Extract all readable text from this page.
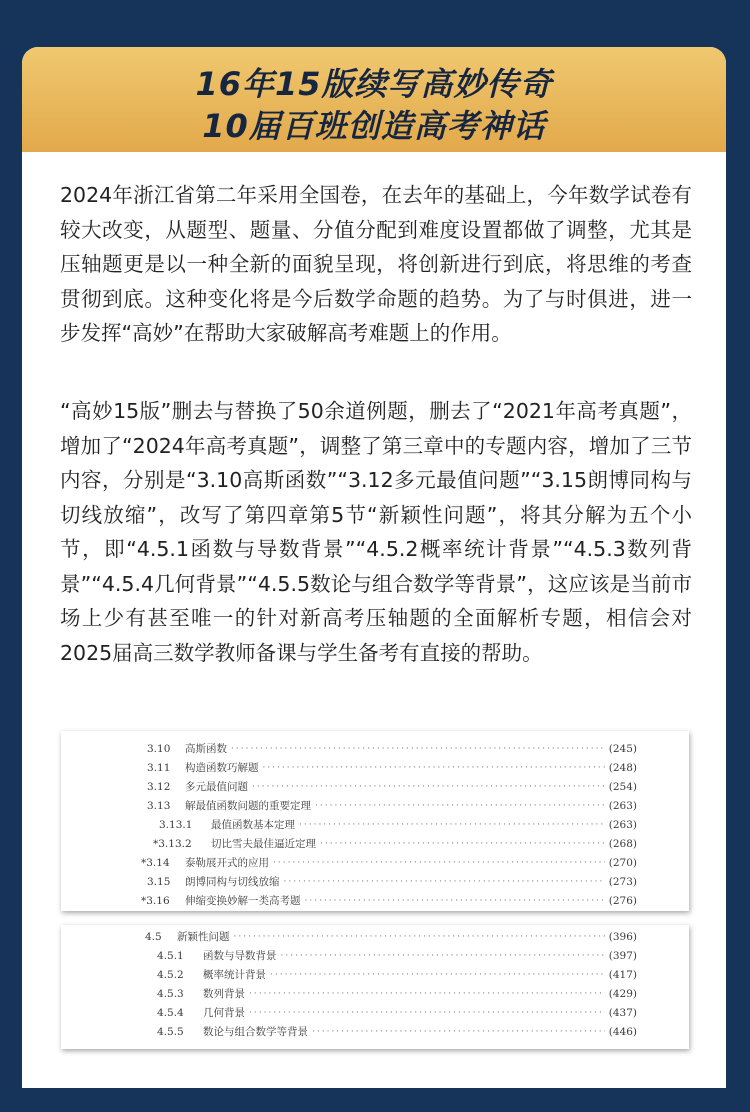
16年15版续写高妙传奇
10届百班创造高考神话

2024年浙江省第二年采用全国卷，在去年的基础上，今年数学试卷有较大改变，从题型、题量、分值分配到难度设置都做了调整，尤其是压轴题更是以一种全新的面貌呈现，将创新进行到底，将思维的考查贯彻到底。这种变化将是今后数学命题的趋势。为了与时俱进，进一步发挥“高妙”在帮助大家破解高考难题上的作用。

“高妙15版”删去与替换了50余道例题，删去了“2021年高考真题”，增加了“2024年高考真题”，调整了第三章中的专题内容，增加了三节内容，分别是“3.10高斯函数”“3.12多元最值问题”“3.15朗博同构与切线放缩”，改写了第四章第5节“新颖性问题”，将其分解为五个小节，即“4.5.1函数与导数背景”“4.5.2概率统计背景”“4.5.3数列背景”“4.5.4几何背景”“4.5.5数论与组合数学等背景”，这应该是当前市场上少有甚至唯一的针对新高考压轴题的全面解析专题，相信会对2025届高三数学教师备课与学生备考有直接的帮助。

3.10	高斯函数 ·····	(245)
3.11	构造函数巧解题 ·····	(248)
3.12	多元最值问题 ·····	(254)
3.13	解最值函数问题的重要定理 ·····	(263)
3.13.1	最值函数基本定理 ·····	(263)
*3.13.2	切比雪夫最佳逼近定理 ·····	(268)
*3.14	泰勒展开式的应用 ·····	(270)
3.15	朗博同构与切线放缩 ·····	(273)
*3.16	伸缩变换妙解一类高考题 ·····	(276)
4.5	新颖性问题 ·····	(396)
4.5.1	函数与导数背景 ·····	(397)
4.5.2	概率统计背景 ·····	(417)
4.5.3	数列背景 ·····	(429)
4.5.4	几何背景 ·····	(437)
4.5.5	数论与组合数学等背景 ·····	(446)
